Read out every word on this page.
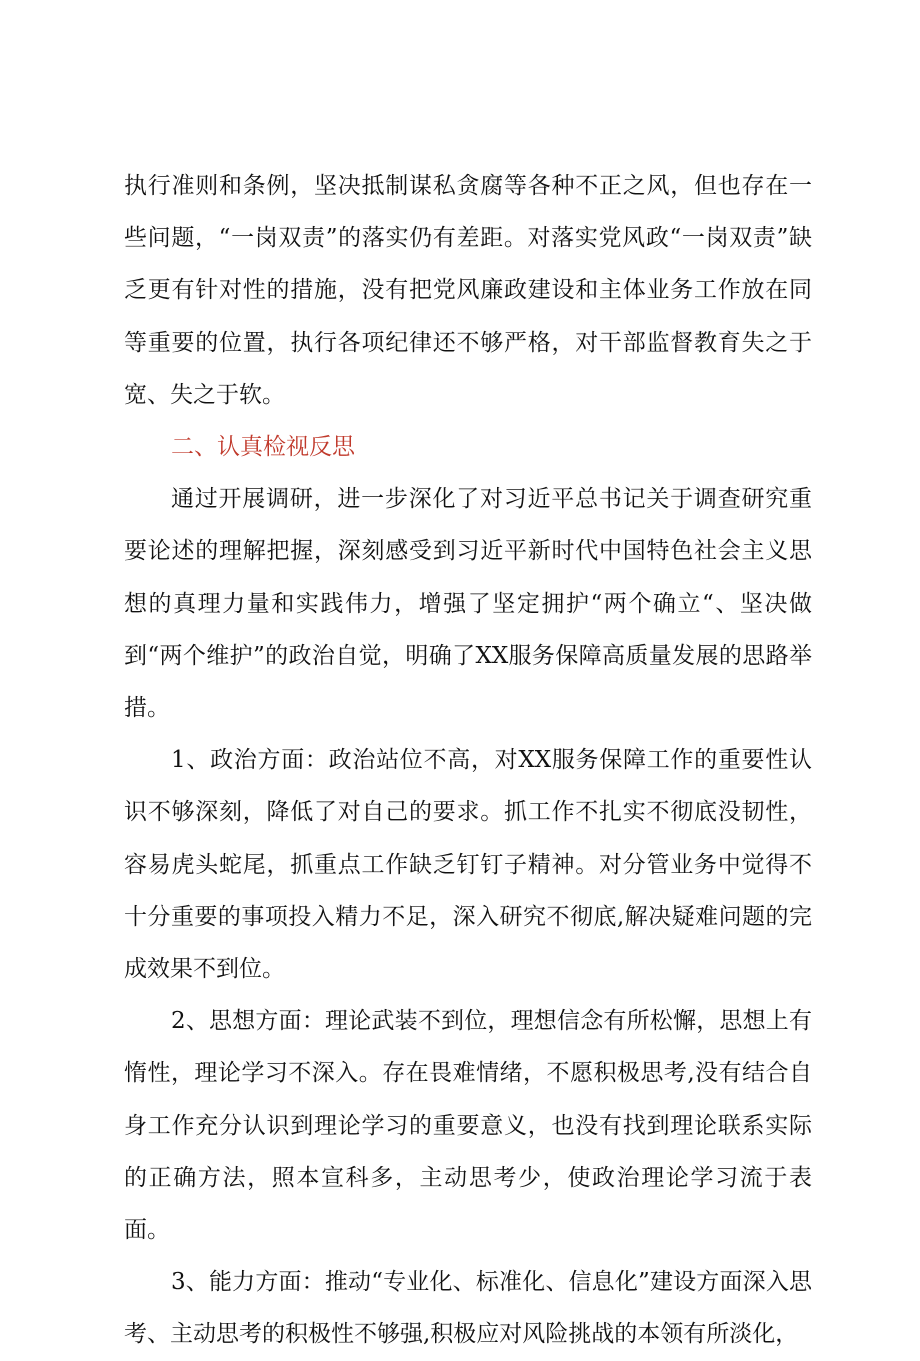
执行准则和条例，坚决抵制谋私贪腐等各种不正之风，但也存在一些问题，“一岗双责”的落实仍有差距。对落实党风政“一岗双责”缺乏更有针对性的措施，没有把党风廉政建设和主体业务工作放在同等重要的位置，执行各项纪律还不够严格，对干部监督教育失之于宽、失之于软。

二、认真检视反思

通过开展调研，进一步深化了对习近平总书记关于调查研究重要论述的理解把握，深刻感受到习近平新时代中国特色社会主义思想的真理力量和实践伟力，增强了坚定拥护“两个确立“、坚决做到“两个维护”的政治自觉，明确了XX服务保障高质量发展的思路举措。

1、政治方面：政治站位不高，对XX服务保障工作的重要性认识不够深刻，降低了对自己的要求。抓工作不扎实不彻底没韧性，容易虎头蛇尾，抓重点工作缺乏钉钉子精神。对分管业务中觉得不十分重要的事项投入精力不足，深入研究不彻底,解决疑难问题的完成效果不到位。

2、思想方面：理论武装不到位，理想信念有所松懈，思想上有惰性，理论学习不深入。存在畏难情绪，不愿积极思考,没有结合自身工作充分认识到理论学习的重要意义，也没有找到理论联系实际的正确方法，照本宣科多，主动思考少，使政治理论学习流于表面。

3、能力方面：推动“专业化、标准化、信息化”建设方面深入思考、主动思考的积极性不够强,积极应对风险挑战的本领有所淡化，
